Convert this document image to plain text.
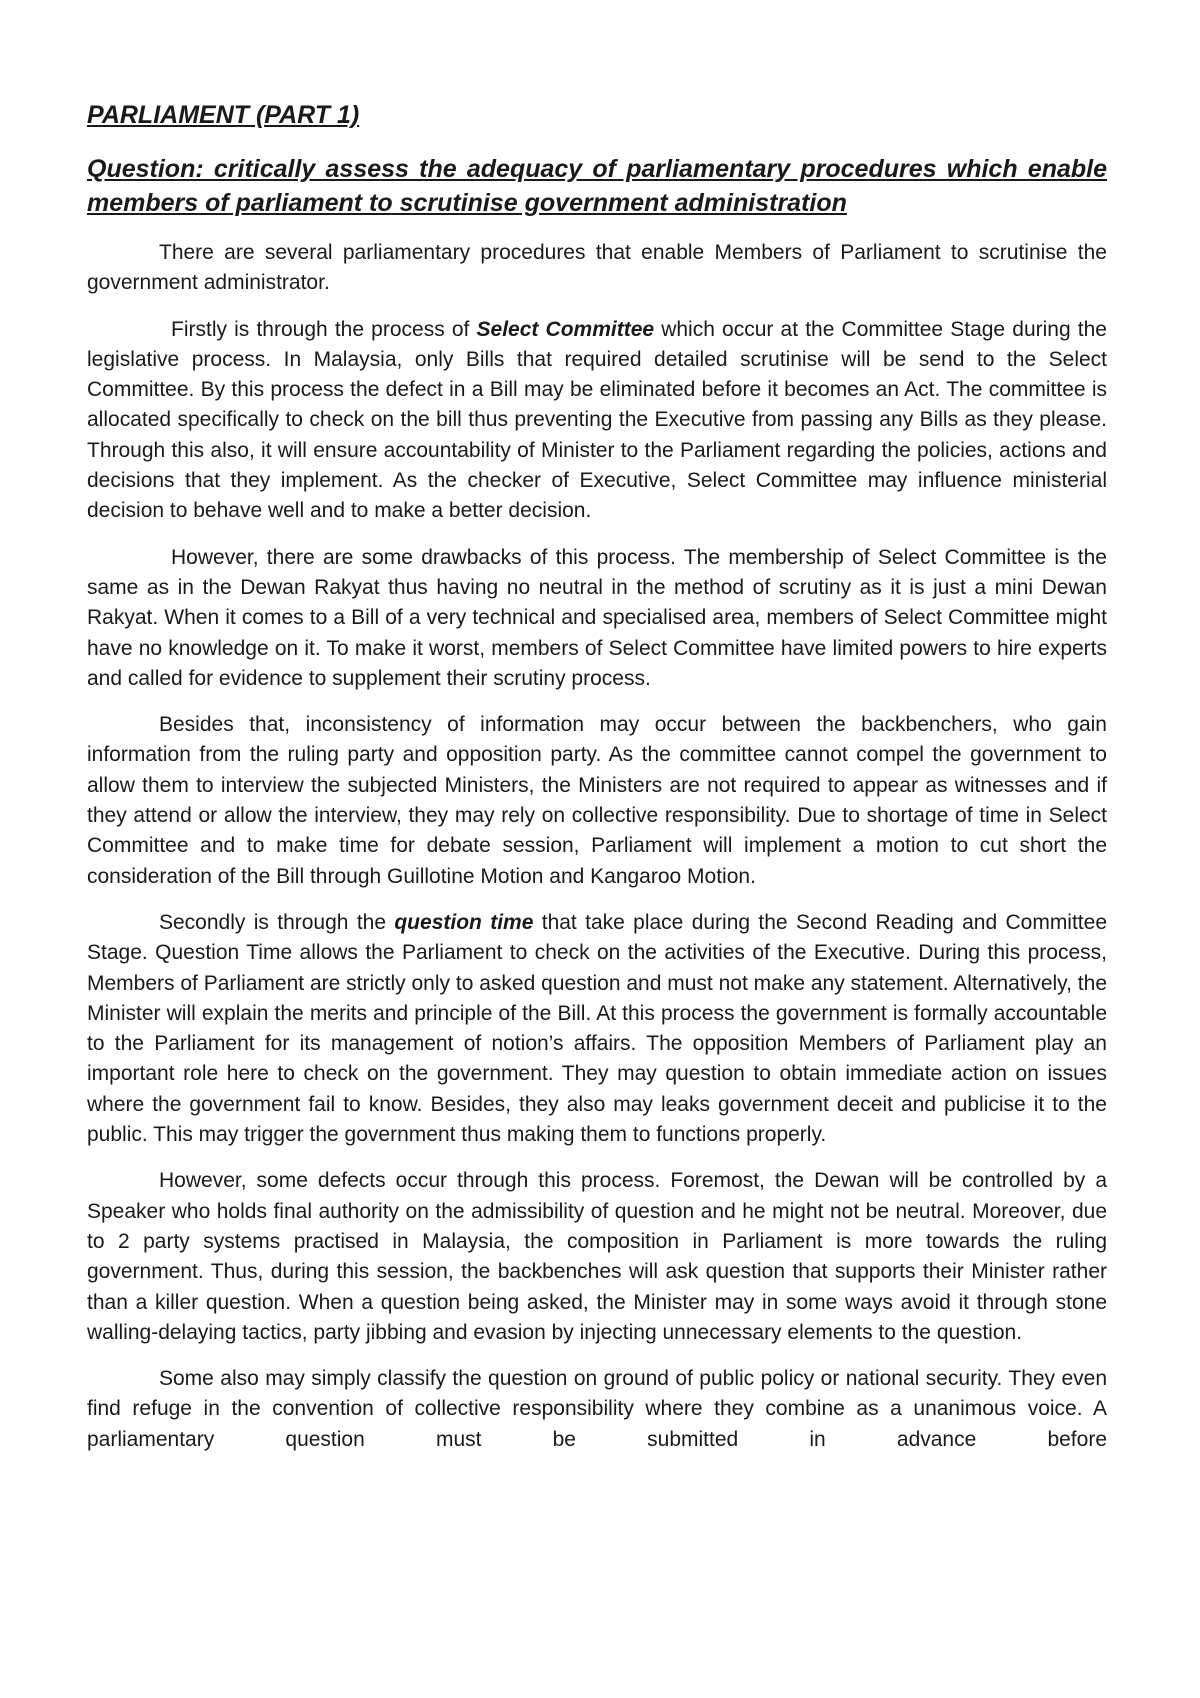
PARLIAMENT (PART 1)
Question: critically assess the adequacy of parliamentary procedures which enable members of parliament to scrutinise government administration

There are several parliamentary procedures that enable Members of Parliament to scrutinise the government administrator.

Firstly is through the process of Select Committee which occur at the Committee Stage during the legislative process. In Malaysia, only Bills that required detailed scrutinise will be send to the Select Committee. By this process the defect in a Bill may be eliminated before it becomes an Act. The committee is allocated specifically to check on the bill thus preventing the Executive from passing any Bills as they please. Through this also, it will ensure accountability of Minister to the Parliament regarding the policies, actions and decisions that they implement. As the checker of Executive, Select Committee may influence ministerial decision to behave well and to make a better decision.

However, there are some drawbacks of this process. The membership of Select Committee is the same as in the Dewan Rakyat thus having no neutral in the method of scrutiny as it is just a mini Dewan Rakyat. When it comes to a Bill of a very technical and specialised area, members of Select Committee might have no knowledge on it. To make it worst, members of Select Committee have limited powers to hire experts and called for evidence to supplement their scrutiny process.

Besides that, inconsistency of information may occur between the backbenchers, who gain information from the ruling party and opposition party. As the committee cannot compel the government to allow them to interview the subjected Ministers, the Ministers are not required to appear as witnesses and if they attend or allow the interview, they may rely on collective responsibility. Due to shortage of time in Select Committee and to make time for debate session, Parliament will implement a motion to cut short the consideration of the Bill through Guillotine Motion and Kangaroo Motion.

Secondly is through the question time that take place during the Second Reading and Committee Stage. Question Time allows the Parliament to check on the activities of the Executive. During this process, Members of Parliament are strictly only to asked question and must not make any statement. Alternatively, the Minister will explain the merits and principle of the Bill. At this process the government is formally accountable to the Parliament for its management of notion’s affairs. The opposition Members of Parliament play an important role here to check on the government. They may question to obtain immediate action on issues where the government fail to know. Besides, they also may leaks government deceit and publicise it to the public. This may trigger the government thus making them to functions properly.

However, some defects occur through this process. Foremost, the Dewan will be controlled by a Speaker who holds final authority on the admissibility of question and he might not be neutral. Moreover, due to 2 party systems practised in Malaysia, the composition in Parliament is more towards the ruling government. Thus, during this session, the backbenches will ask question that supports their Minister rather than a killer question. When a question being asked, the Minister may in some ways avoid it through stone walling-delaying tactics, party jibbing and evasion by injecting unnecessary elements to the question.

Some also may simply classify the question on ground of public policy or national security. They even find refuge in the convention of collective responsibility where they combine as a unanimous voice. A parliamentary question must be submitted in advance before
